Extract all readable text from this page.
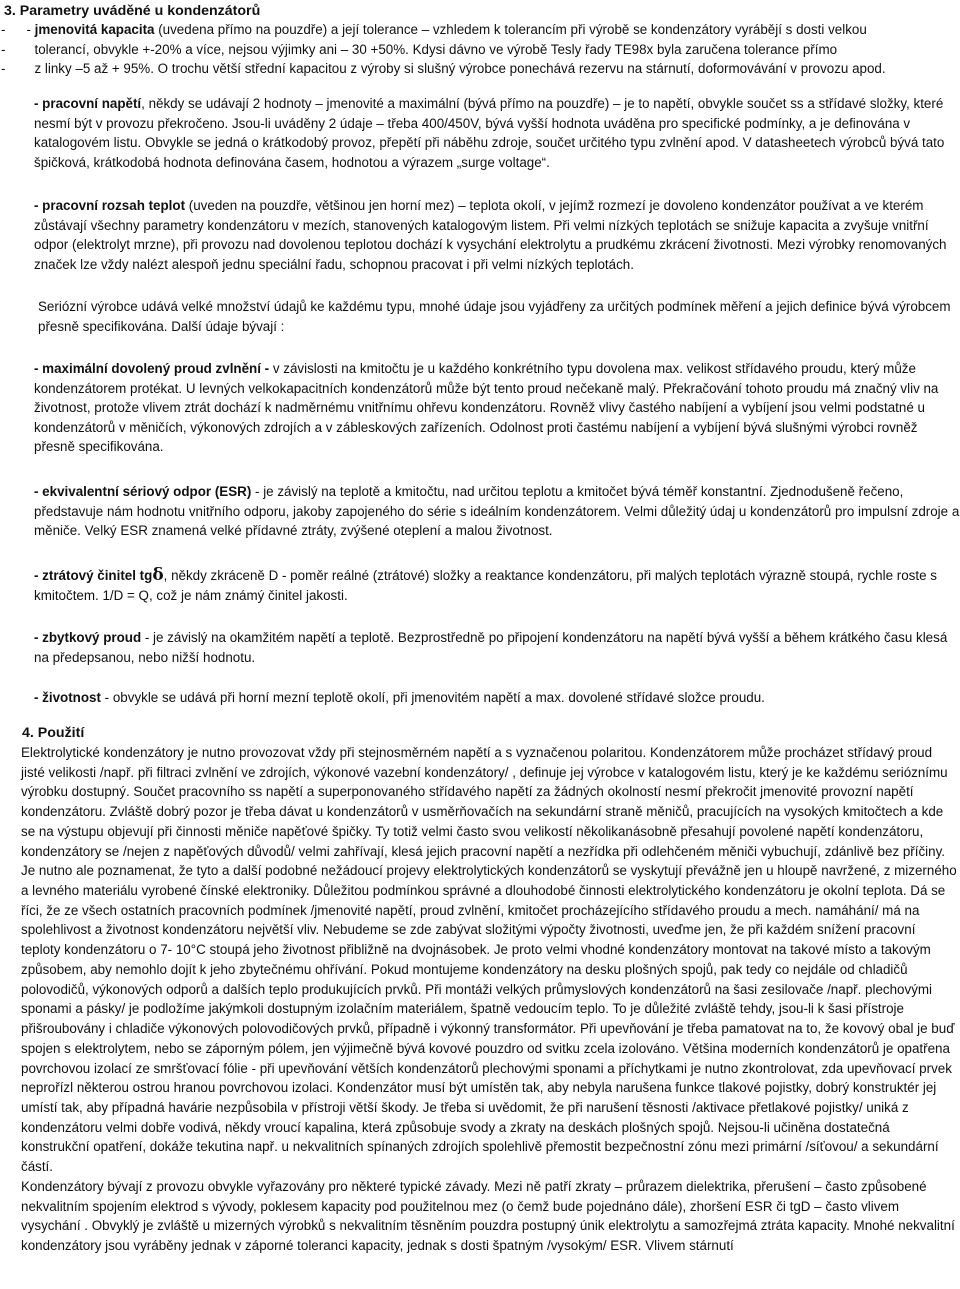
3. Parametry uváděné u kondenzátorů
- - jmenovitá kapacita (uvedena přímo na pouzdře) a její tolerance – vzhledem k tolerancím při výrobě se kondenzátory vyrábějí s dosti velkou
- tolerancí, obvykle +-20% a více, nejsou výjimky ani – 30 +50%. Kdysi dávno ve výrobě Tesly řady TE98x byla zaručena tolerance přímo
- z linky –5 až + 95%. O trochu větší střední kapacitou z výroby si slušný výrobce ponechává rezervu na stárnutí, doformovávání v provozu apod.

- pracovní napětí, někdy se udávají 2 hodnoty – jmenovité a maximální (bývá přímo na pouzdře) – je to napětí, obvykle součet ss a střídavé složky, které nesmí být v provozu překročeno. Jsou-li uváděny 2 údaje – třeba 400/450V, bývá vyšší hodnota uváděna pro specifické podmínky, a je definována v katalogovém listu. Obvykle se jedná o krátkodobý provoz, přepětí při náběhu zdroje, součet určitého typu zvlnění apod. V datasheetech výrobců bývá tato špičková, krátkodobá hodnota definována časem, hodnotou a výrazem „surge voltage“.

- pracovní rozsah teplot (uveden na pouzdře, většinou jen horní mez) – teplota okolí, v jejímž rozmezí je dovoleno kondenzátor používat a ve kterém zůstávají všechny parametry kondenzátoru v mezích, stanovených katalogovým listem. Při velmi nízkých teplotách se snižuje kapacita a zvyšuje vnitřní odpor (elektrolyt mrzne), při provozu nad dovolenou teplotou dochází k vysychání elektrolytu a prudkému zkrácení životnosti. Mezi výrobky renomovaných značek lze vždy nalézt alespoň jednu speciální řadu, schopnou pracovat i při velmi nízkých teplotách.

Seriózní výrobce udává velké množství údajů ke každému typu, mnohé údaje jsou vyjádřeny za určitých podmínek měření a jejich definice bývá výrobcem přesně specifikována. Další údaje bývají :

- maximální dovolený proud zvlnění - v závislosti na kmitočtu je u každého konkrétního typu dovolena max. velikost střídavého proudu, který může kondenzátorem protékat. U levných velkokapacitních kondenzátorů může být tento proud nečekaně malý. Překračování tohoto proudu má značný vliv na životnost, protože vlivem ztrát dochází k nadměrnému vnitřnímu ohřevu kondenzátoru. Rovněž vlivy častého nabíjení a vybíjení jsou velmi podstatné u kondenzátorů v měničích, výkonových zdrojích a v zábleskových zařízeních. Odolnost proti častému nabíjení a vybíjení bývá slušnými výrobci rovněž přesně specifikována.

- ekvivalentní sériový odpor (ESR) - je závislý na teplotě a kmitočtu, nad určitou teplotu a kmitočet bývá téměř konstantní. Zjednodušeně řečeno, představuje nám hodnotu vnitřního odporu, jakoby zapojeného do série s ideálním kondenzátorem. Velmi důležitý údaj u kondenzátorů pro impulsní zdroje a měniče. Velký ESR znamená velké přídavné ztráty, zvýšené oteplení a malou životnost.

- ztrátový činitel tgδ, někdy zkráceně D - poměr reálné (ztrátové) složky a reaktance kondenzátoru, při malých teplotách výrazně stoupá, rychle roste s kmitočtem. 1/D = Q, což je nám známý činitel jakosti.

- zbytkový proud - je závislý na okamžitém napětí a teplotě. Bezprostředně po připojení kondenzátoru na napětí bývá vyšší a během krátkého času klesá na předepsanou, nebo nižší hodnotu.

- životnost - obvykle se udává při horní mezní teplotě okolí, při jmenovitém napětí a max. dovolené střídavé složce proudu.

4. Použití

Elektrolytické kondenzátory je nutno provozovat vždy při stejnosměrném napětí a s vyznačenou polaritou. Kondenzátorem může procházet střídavý proud jisté velikosti /např. při filtraci zvlnění ve zdrojích, výkonové vazební kondenzátory/ , definuje jej výrobce v katalogovém listu, který je ke každému serióznímu výrobku dostupný. Součet pracovního ss napětí a superponovaného střídavého napětí za žádných okolností nesmí překročit jmenovité provozní napětí kondenzátoru. Zvláště dobrý pozor je třeba dávat u kondenzátorů v usměrňovačích na sekundární straně měničů, pracujících na vysokých kmitočtech a kde se na výstupu objevují při činnosti měniče napěťové špičky. Ty totiž velmi často svou velikostí několikanásobně přesahují povolené napětí kondenzátoru, kondenzátory se /nejen z napěťových důvodů/ velmi zahřívají, klesá jejich pracovní napětí a nezřídka při odlehčeném měniči vybuchují, zdánlivě bez příčiny. Je nutno ale poznamenat, že tyto a další podobné nežádoucí projevy elektrolytických kondenzátorů se vyskytují převážně jen u hloupě navržené, z mizerného a levného materiálu vyrobené čínské elektroniky. Důležitou podmínkou správné a dlouhodobé činnosti elektrolytického kondenzátoru je okolní teplota. Dá se říci, že ze všech ostatních pracovních podmínek /jmenovité napětí, proud zvlnění, kmitočet procházejícího střídavého proudu a mech. namáhání/ má na spolehlivost a životnost kondenzátoru největší vliv. Nebudeme se zde zabývat složitými výpočty životnosti, uveďme jen, že při každém snížení pracovní teploty kondenzátoru o 7- 10°C stoupá jeho životnost přibližně na dvojnásobek. Je proto velmi vhodné kondenzátory montovat na takové místo a takovým způsobem, aby nemohlo dojít k jeho zbytečnému ohřívání. Pokud montujeme kondenzátory na desku plošných spojů, pak tedy co nejdále od chladičů polovodičů, výkonových odporů a dalších teplo produkujících prvků. Při montáži velkých průmyslových kondenzátorů na šasi zesilovače /např. plechovými sponami a pásky/ je podložíme jakýmkoli dostupným izolačním materiálem, špatně vedoucím teplo. To je důležité zvláště tehdy, jsou-li k šasi přístroje přišroubovány i chladiče výkonových polovodičových prvků, případně i výkonný transformátor. Při upevňování je třeba pamatovat na to, že kovový obal je buď spojen s elektrolytem, nebo se záporným pólem, jen výjimečně bývá kovové pouzdro od svitku zcela izolováno. Většina moderních kondenzátorů je opatřena povrchovou izolací ze smršťovací fólie - při upevňování větších kondenzátorů plechovými sponami a příchytkami je nutno zkontrolovat, zda upevňovací prvek neprořízl některou ostrou hranou povrchovou izolaci. Kondenzátor musí být umístěn tak, aby nebyla narušena funkce tlakové pojistky, dobrý konstruktér jej umístí tak, aby případná havárie nezpůsobila v přístroji větší škody. Je třeba si uvědomit, že při narušení těsnosti /aktivace přetlakové pojistky/ uniká z kondenzátoru velmi dobře vodivá, někdy vroucí kapalina, která způsobuje svody a zkraty na deskách plošných spojů. Nejsou-li učiněna dostatečná konstrukční opatření, dokáže tekutina např. u nekvalitních spínaných zdrojích spolehlivě přemostit bezpečnostní zónu mezi primární /síťovou/ a sekundární částí.

Kondenzátory bývají z provozu obvykle vyřazovány pro některé typické závady. Mezi ně patří zkraty – průrazem dielektrika, přerušení – často způsobené nekvalitním spojením elektrod s vývody, poklesem kapacity pod použitelnou mez (o čemž bude pojednáno dále), zhoršení ESR či tgD – často vlivem vysychání . Obvyklý je zvláště u mizerných výrobků s nekvalitním těsněním pouzdra postupný únik elektrolytu a samozřejmá ztráta kapacity. Mnohé nekvalitní kondenzátory jsou vyráběny jednak v záporné toleranci kapacity, jednak s dosti špatným /vysokým/ ESR. Vlivem stárnutí
